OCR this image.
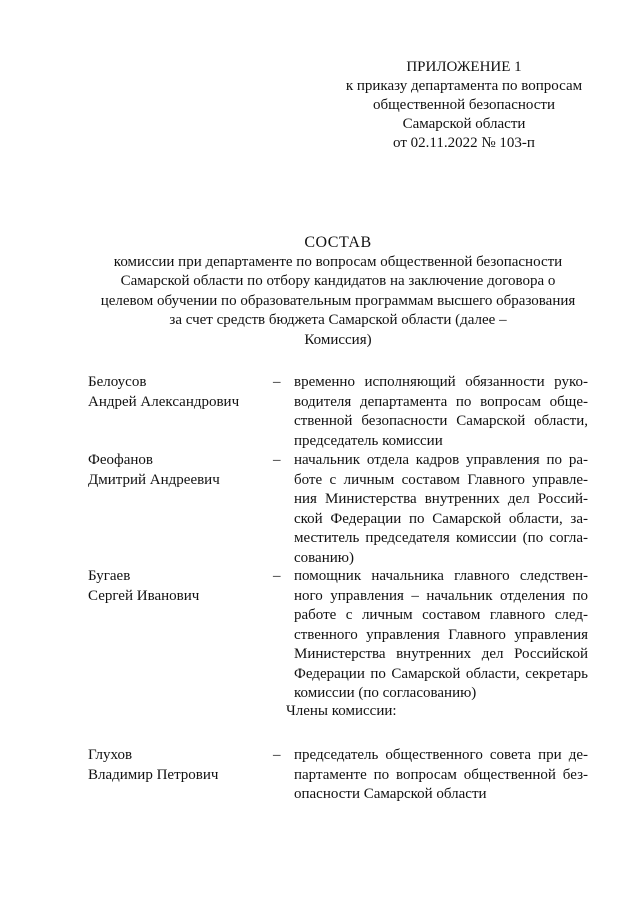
ПРИЛОЖЕНИЕ 1
к приказу департамента по вопросам
общественной безопасности
Самарской области
от 02.11.2022 № 103-п
СОСТАВ
комиссии при департаменте по вопросам общественной безопасности
Самарской области по отбору кандидатов на заключение договора о
целевом обучении по образовательным программам высшего образования
за счет средств бюджета Самарской области (далее –
Комиссия)
Белоусов
Андрей Александрович
– временно исполняющий обязанности руко-
водителя департамента по вопросам обще-
ственной безопасности Самарской области,
председатель комиссии
Феофанов
Дмитрий Андреевич
– начальник отдела кадров управления по ра-
боте с личным составом Главного управле-
ния Министерства внутренних дел Россий-
ской Федерации по Самарской области, за-
меститель председателя комиссии (по согла-
сованию)
Бугаев
Сергей Иванович
– помощник начальника главного следствен-
ного управления – начальник отделения по
работе с личным составом главного след-
ственного управления Главного управления
Министерства внутренних дел Российской
Федерации по Самарской области, секретарь
комиссии (по согласованию)
Члены комиссии:
Глухов
Владимир Петрович
– председатель общественного совета при де-
партаменте по вопросам общественной без-
опасности Самарской области
